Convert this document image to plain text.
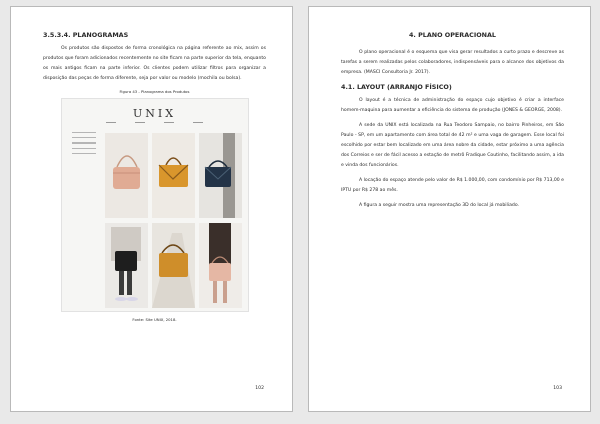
3.5.3.4. PLANOGRAMAS

Os produtos são dispostos de forma cronológica na página referente ao mix, assim os produtos que foram adicionados recentemente no site ficam na parte superior da tela, enquanto os mais antigos ficam na parte inferior. Os clientes podem utilizar filtros para organizar a disposição das peças de forma diferente, seja por valor ou modelo (mochila ou bolsa).

Figura 43 - Planograma dos Produtos
UNIX
Fonte: Site UNIX, 2018.
102
4. PLANO OPERACIONAL

O plano operacional é o esquema que visa gerar resultados a curto prazo e descreve as tarefas a serem realizadas pelos colaboradores, indispensáveis para o alcance dos objetivos da empresa. (MASCI Consultoria Jr. 2017).

4.1. LAYOUT (ARRANJO FÍSICO)

O layout é a técnica de administração do espaço cujo objetivo é criar a interface homem-maquina para aumentar a eficiência do sistema de produção (JONES & GEORGE, 2008).

A sede da UNIX está localizada na Rua Teodoro Sampaio, no bairro Pinheiros, em São Paulo - SP, em um apartamento com área total de 42 m² e uma vaga de garagem. Esse local foi escolhido por estar bem localizado em uma área nobre da cidade, estar próximo a uma agência dos Correios e ser de fácil acesso a estação de metrô Fradique Coutinho, facilitando assim, a ida e vinda dos funcionários.

A locação do espaço atende pelo valor de R$ 1.000,00, com condomínio por R$ 713,00 e IPTU por R$ 278 ao mês.

A figura a seguir mostra uma representação 3D do local já mobiliado.

103
